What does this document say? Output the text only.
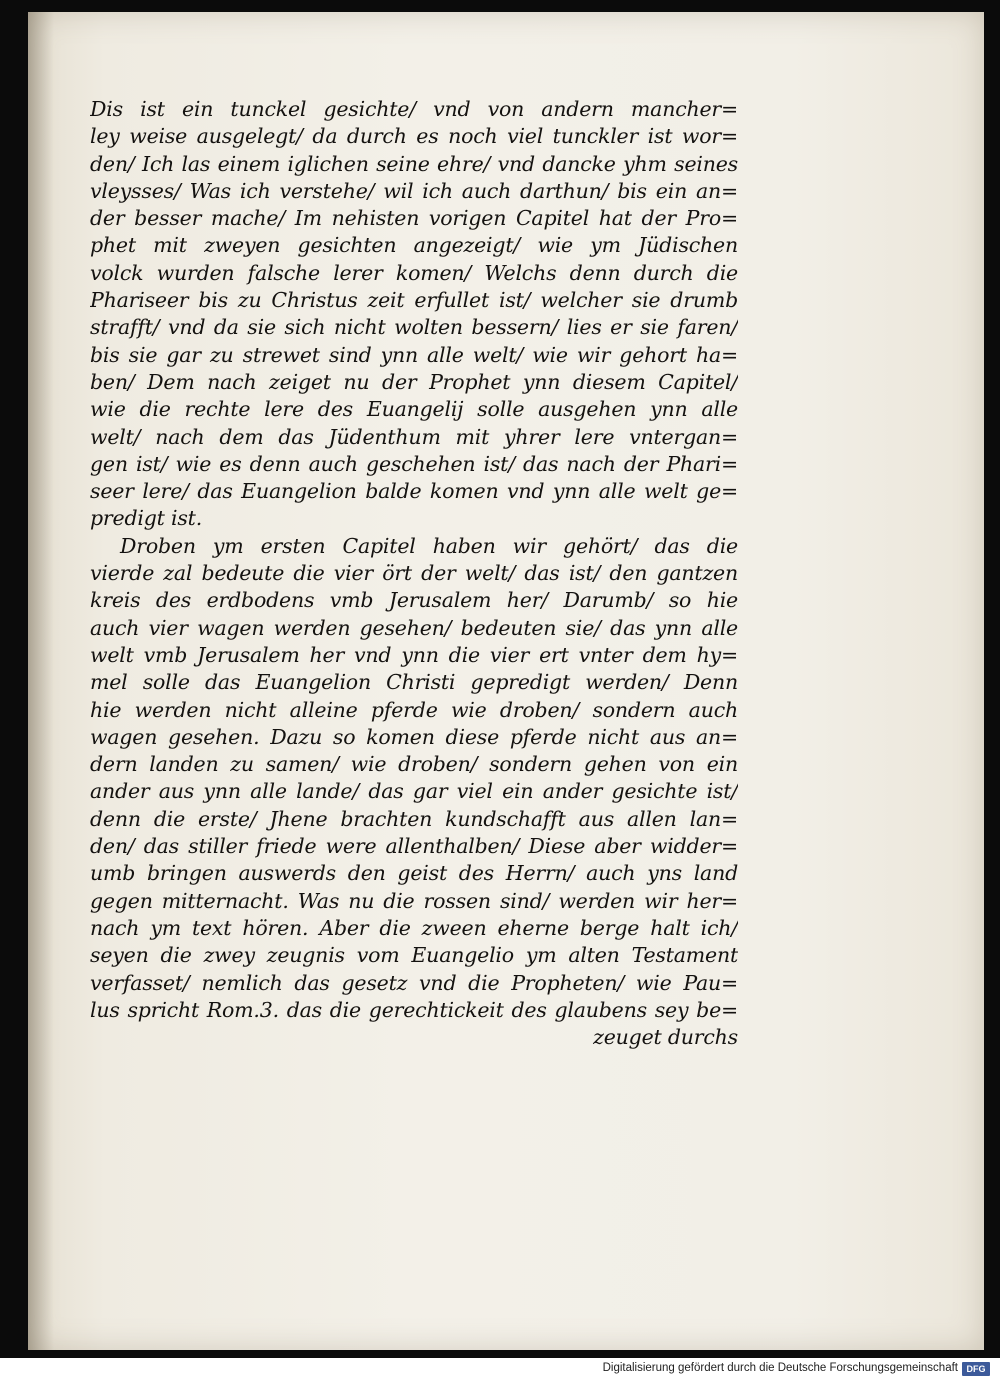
Dis ist ein tunckel gesichte/ vnd von andern mancher=
ley weise ausgelegt/ da durch es noch viel tunckler ist wor=
den/ Ich las einem iglichen seine ehre/ vnd dancke yhm seines
vleysses/ Was ich verstehe/ wil ich auch darthun/ bis ein an=
der besser mache/ Im nehisten vorigen Capitel hat der Pro=
phet mit zweyen gesichten angezeigt/ wie ym Jüdischen
volck wurden falsche lerer komen/ Welchs denn durch die
Phariseer bis zu Christus zeit erfullet ist/ welcher sie drumb
strafft/ vnd da sie sich nicht wolten bessern/ lies er sie faren/
bis sie gar zu strewet sind ynn alle welt/ wie wir gehort ha=
ben/ Dem nach zeiget nu der Prophet ynn diesem Capitel/
wie die rechte lere des Euangelij solle ausgehen ynn alle
welt/ nach dem das Jüdenthum mit yhrer lere vntergan=
gen ist/ wie es denn auch geschehen ist/ das nach der Phari=
seer lere/ das Euangelion balde komen vnd ynn alle welt ge=
predigt ist.
Droben ym ersten Capitel haben wir gehört/ das die
vierde zal bedeute die vier ört der welt/ das ist/ den gantzen
kreis des erdbodens vmb Jerusalem her/ Darumb/ so hie
auch vier wagen werden gesehen/ bedeuten sie/ das ynn alle
welt vmb Jerusalem her vnd ynn die vier ert vnter dem hy=
mel solle das Euangelion Christi gepredigt werden/ Denn
hie werden nicht alleine pferde wie droben/ sondern auch
wagen gesehen. Dazu so komen diese pferde nicht aus an=
dern landen zu samen/ wie droben/ sondern gehen von ein
ander aus ynn alle lande/ das gar viel ein ander gesichte ist/
denn die erste/ Jhene brachten kundschafft aus allen lan=
den/ das stiller friede were allenthalben/ Diese aber widder=
umb bringen auswerds den geist des Herrn/ auch yns land
gegen mitternacht. Was nu die rossen sind/ werden wir her=
nach ym text hören. Aber die zween eherne berge halt ich/
seyen die zwey zeugnis vom Euangelio ym alten Testament
verfasset/ nemlich das gesetz vnd die Propheten/ wie Pau=
lus spricht Rom.3. das die gerechtickeit des glaubens sey be=
zeuget durchs
Digitalisierung gefördert durch die Deutsche Forschungsgemeinschaft DFG
